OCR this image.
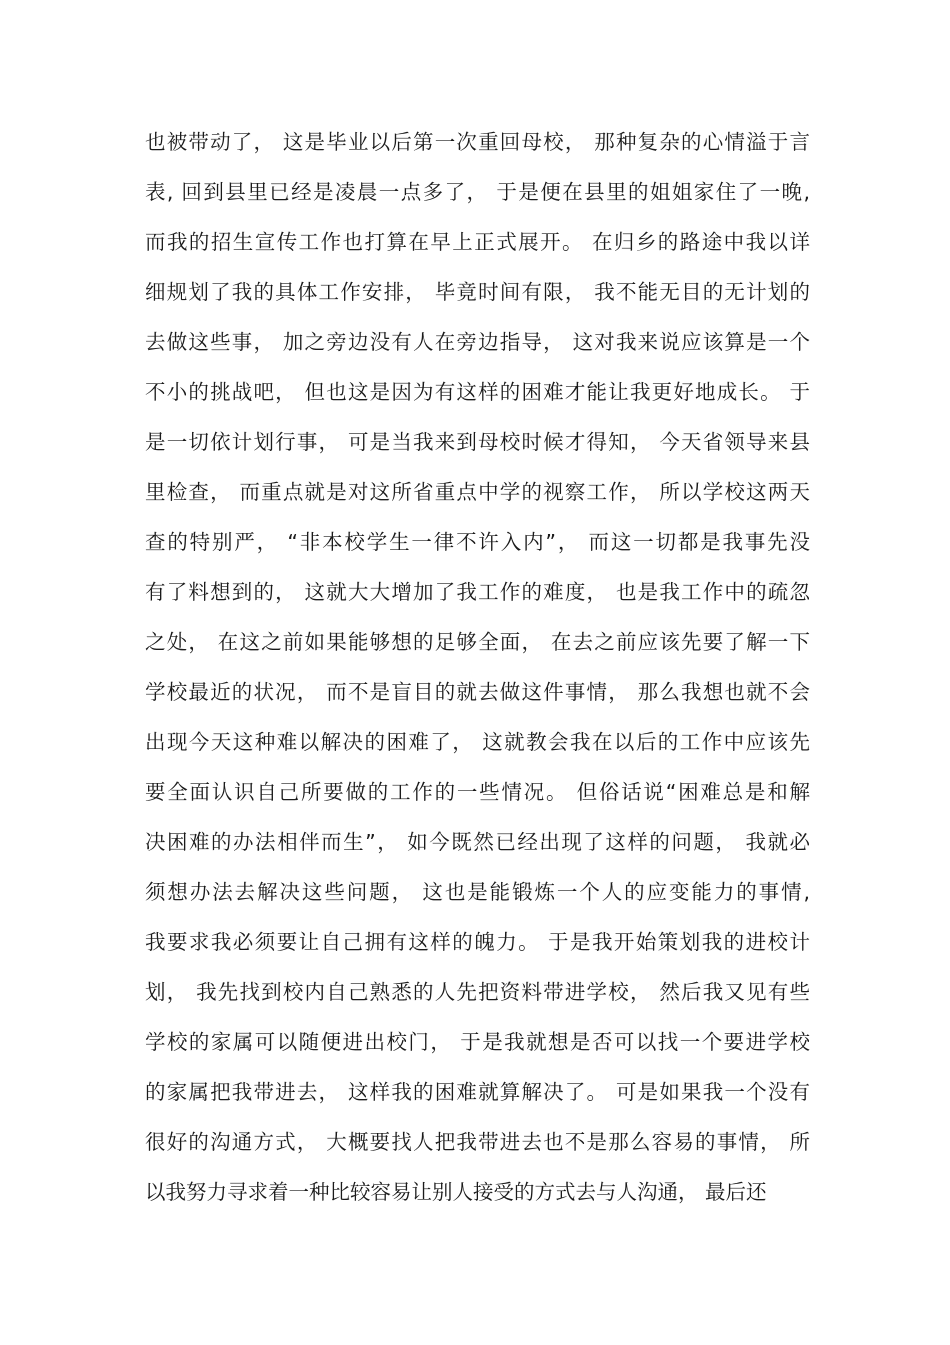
也被带动了， 这是毕业以后第一次重回母校， 那种复杂的心情溢于言
表, 回到县里已经是凌晨一点多了， 于是便在县里的姐姐家住了一晚,
而我的招生宣传工作也打算在早上正式展开。 在归乡的路途中我以详
细规划了我的具体工作安排， 毕竟时间有限， 我不能无目的无计划的
去做这些事， 加之旁边没有人在旁边指导， 这对我来说应该算是一个
不小的挑战吧， 但也这是因为有这样的困难才能让我更好地成长。 于
是一切依计划行事， 可是当我来到母校时候才得知， 今天省领导来县
里检查， 而重点就是对这所省重点中学的视察工作， 所以学校这两天
查的特别严， “非本校学生一律不许入内”， 而这一切都是我事先没
有了料想到的， 这就大大增加了我工作的难度， 也是我工作中的疏忽
之处， 在这之前如果能够想的足够全面， 在去之前应该先要了解一下
学校最近的状况， 而不是盲目的就去做这件事情， 那么我想也就不会
出现今天这种难以解决的困难了， 这就教会我在以后的工作中应该先
要全面认识自己所要做的工作的一些情况。 但俗话说“困难总是和解
决困难的办法相伴而生”， 如今既然已经出现了这样的问题， 我就必
须想办法去解决这些问题， 这也是能锻炼一个人的应变能力的事情,
我要求我必须要让自己拥有这样的魄力。 于是我开始策划我的进校计
划， 我先找到校内自己熟悉的人先把资料带进学校， 然后我又见有些
学校的家属可以随便进出校门， 于是我就想是否可以找一个要进学校
的家属把我带进去， 这样我的困难就算解决了。 可是如果我一个没有
很好的沟通方式， 大概要找人把我带进去也不是那么容易的事情， 所
以我努力寻求着一种比较容易让别人接受的方式去与人沟通， 最后还
